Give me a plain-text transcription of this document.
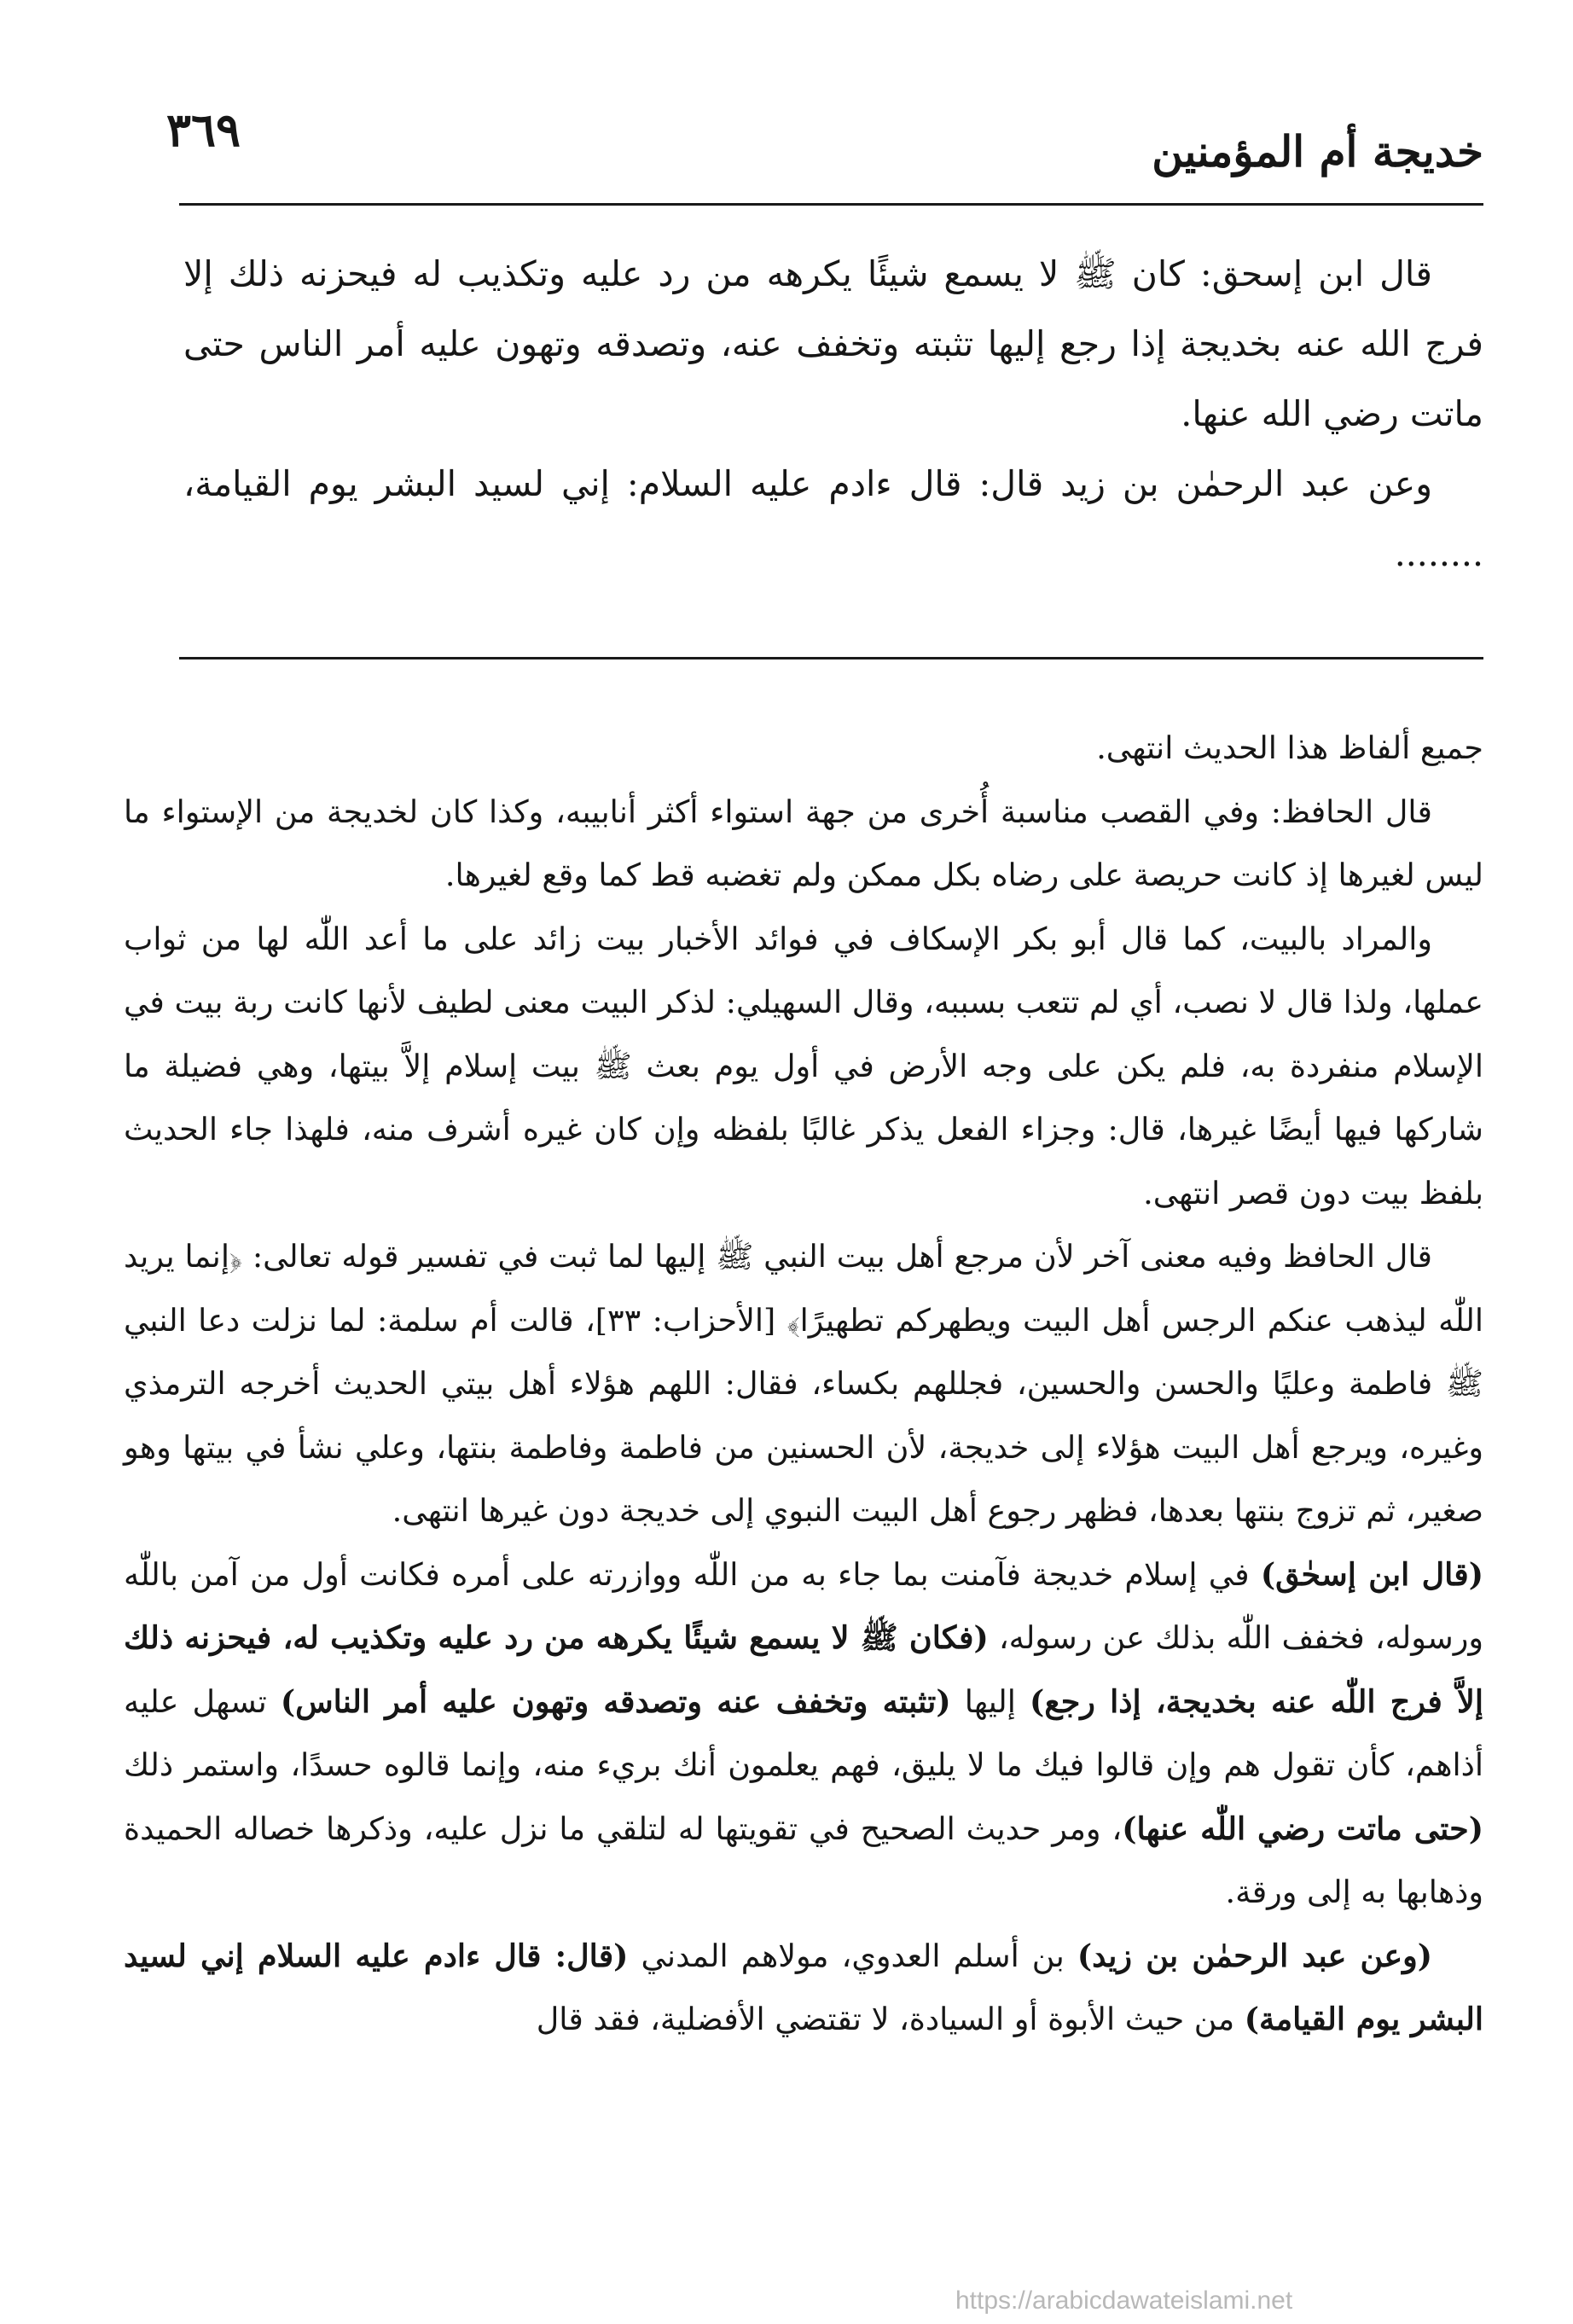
٣٦٩	خديجة أم المؤمنين

قال ابن إسحق: كان ﷺ لا يسمع شيئًا يكرهه من رد عليه وتكذيب له فيحزنه ذلك إلا فرج الله عنه بخديجة إذا رجع إليها تثبته وتخفف عنه، وتصدقه وتهون عليه أمر الناس حتى ماتت رضي الله عنها.

وعن عبد الرحمٰن بن زيد قال: قال ءادم عليه السلام: إني لسيد البشر يوم القيامة، ........

جميع ألفاظ هذا الحديث انتهى.

قال الحافظ: وفي القصب مناسبة أُخرى من جهة استواء أكثر أنابيبه، وكذا كان لخديجة من الإستواء ما ليس لغيرها إذ كانت حريصة على رضاه بكل ممكن ولم تغضبه قط كما وقع لغيرها.

والمراد بالبيت، كما قال أبو بكر الإسكاف في فوائد الأخبار بيت زائد على ما أعد اللّٰه لها من ثواب عملها، ولذا قال لا نصب، أي لم تتعب بسببه، وقال السهيلي: لذكر البيت معنى لطيف لأنها كانت ربة بيت في الإسلام منفردة به، فلم يكن على وجه الأرض في أول يوم بعث ﷺ بيت إسلام إلاَّ بيتها، وهي فضيلة ما شاركها فيها أيضًا غيرها، قال: وجزاء الفعل يذكر غالبًا بلفظه وإن كان غيره أشرف منه، فلهذا جاء الحديث بلفظ بيت دون قصر انتهى.

قال الحافظ وفيه معنى آخر لأن مرجع أهل بيت النبي ﷺ إليها لما ثبت في تفسير قوله تعالى: ﴿إنما يريد اللّٰه ليذهب عنكم الرجس أهل البيت ويطهركم تطهيرًا﴾ [الأحزاب: ٣٣]، قالت أم سلمة: لما نزلت دعا النبي ﷺ فاطمة وعليًا والحسن والحسين، فجللهم بكساء، فقال: اللهم هؤلاء أهل بيتي الحديث أخرجه الترمذي وغيره، ويرجع أهل البيت هؤلاء إلى خديجة، لأن الحسنين من فاطمة وفاطمة بنتها، وعلي نشأ في بيتها وهو صغير، ثم تزوج بنتها بعدها، فظهر رجوع أهل البيت النبوي إلى خديجة دون غيرها انتهى.

(قال ابن إسحٰق) في إسلام خديجة فآمنت بما جاء به من اللّٰه ووازرته على أمره فكانت أول من آمن باللّٰه ورسوله، فخفف اللّٰه بذلك عن رسوله، (فكان ﷺ لا يسمع شيئًا يكرهه من رد عليه وتكذيب له، فيحزنه ذلك إلاَّ فرج اللّٰه عنه بخديجة، إذا رجع) إليها (تثبته وتخفف عنه وتصدقه وتهون عليه أمر الناس) تسهل عليه أذاهم، كأن تقول هم وإن قالوا فيك ما لا يليق، فهم يعلمون أنك بريء منه، وإنما قالوه حسدًا، واستمر ذلك (حتى ماتت رضي اللّٰه عنها)، ومر حديث الصحيح في تقويتها له لتلقي ما نزل عليه، وذكرها خصاله الحميدة وذهابها به إلى ورقة.

(وعن عبد الرحمٰن بن زيد) بن أسلم العدوي، مولاهم المدني (قال: قال ءادم عليه السلام إني لسيد البشر يوم القيامة) من حيث الأبوة أو السيادة، لا تقتضي الأفضلية، فقد قال

https://arabicdawateislami.net
